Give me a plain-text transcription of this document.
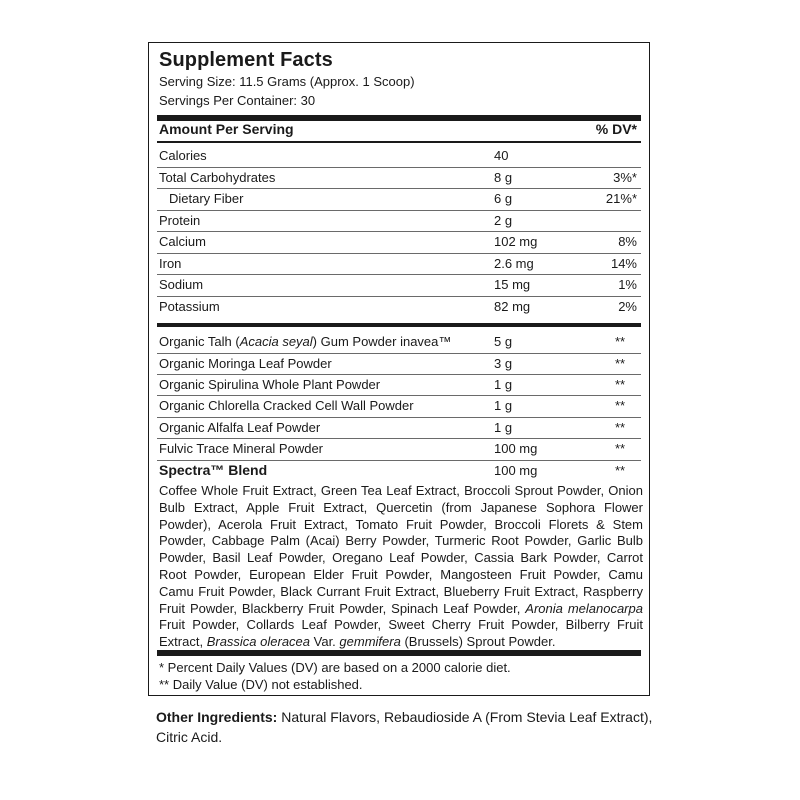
Supplement Facts
Serving Size: 11.5 Grams (Approx. 1 Scoop)
Servings Per Container: 30
Amount Per Serving	% DV*
Calories	40
Total Carbohydrates	8 g	3%*
Dietary Fiber	6 g	21%*
Protein	2 g
Calcium	102 mg	8%
Iron	2.6 mg	14%
Sodium	15 mg	1%
Potassium	82 mg	2%
Organic Talh (Acacia seyal) Gum Powder inavea™	5 g	**
Organic Moringa Leaf Powder	3 g	**
Organic Spirulina Whole Plant Powder	1 g	**
Organic Chlorella Cracked Cell Wall Powder	1 g	**
Organic Alfalfa Leaf Powder	1 g	**
Fulvic Trace Mineral Powder	100 mg	**
Spectra™ Blend	100 mg	**
Coffee Whole Fruit Extract, Green Tea Leaf Extract, Broccoli Sprout Powder, Onion Bulb Extract, Apple Fruit Extract, Quercetin (from Japanese Sophora Flower Powder), Acerola Fruit Extract, Tomato Fruit Powder, Broccoli Florets & Stem Powder, Cabbage Palm (Acai) Berry Powder, Turmeric Root Powder, Garlic Bulb Powder, Basil Leaf Powder, Oregano Leaf Powder, Cassia Bark Powder, Carrot Root Powder, European Elder Fruit Powder, Mangosteen Fruit Powder, Camu Camu Fruit Powder, Black Currant Fruit Extract, Blueberry Fruit Extract, Raspberry Fruit Powder, Blackberry Fruit Powder, Spinach Leaf Powder, Aronia melanocarpa Fruit Powder, Collards Leaf Powder, Sweet Cherry Fruit Powder, Bilberry Fruit Extract, Brassica oleracea Var. gemmifera (Brussels) Sprout Powder.
* Percent Daily Values (DV) are based on a 2000 calorie diet.
** Daily Value (DV) not established.
Other Ingredients: Natural Flavors, Rebaudioside A (From Stevia Leaf Extract), Citric Acid.
